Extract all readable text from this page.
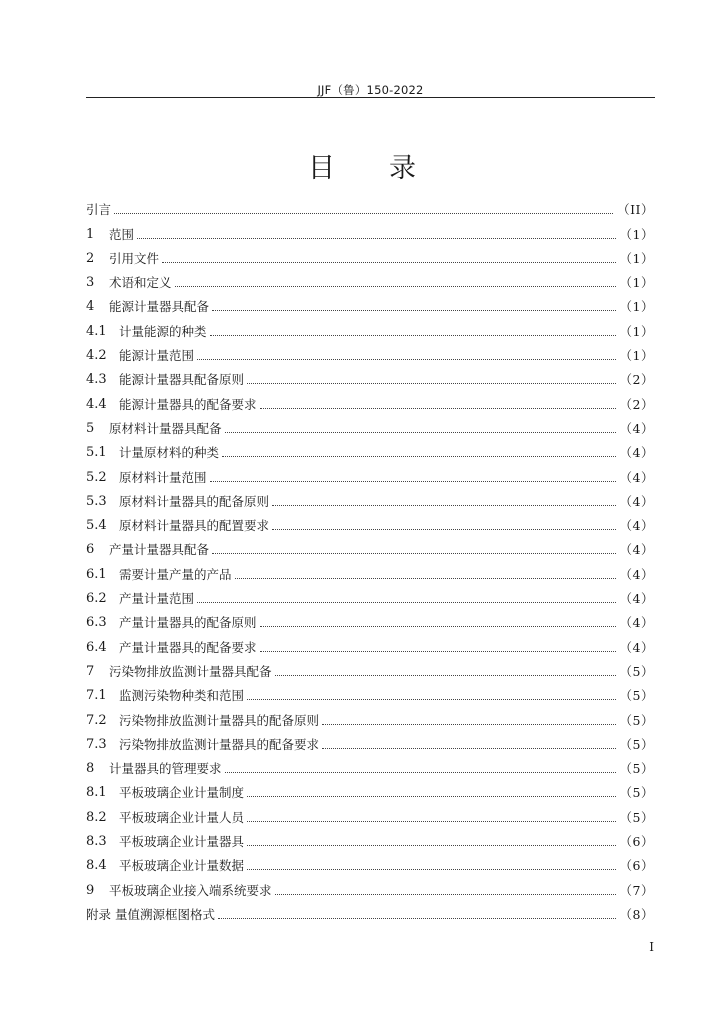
JJF（鲁）150-2022
目录
引言	（II）
1	范围	（1）
2	引用文件	（1）
3	术语和定义	（1）
4	能源计量器具配备	（1）
4.1 计量能源的种类	（1）
4.2 能源计量范围	（1）
4.3 能源计量器具配备原则	（2）
4.4 能源计量器具的配备要求	（2）
5	原材料计量器具配备	（4）
5.1 计量原材料的种类	（4）
5.2 原材料计量范围	（4）
5.3 原材料计量器具的配备原则	（4）
5.4 原材料计量器具的配置要求	（4）
6	产量计量器具配备	（4）
6.1 需要计量产量的产品	（4）
6.2 产量计量范围	（4）
6.3 产量计量器具的配备原则	（4）
6.4 产量计量器具的配备要求	（4）
7	污染物排放监测计量器具配备	（5）
7.1 监测污染物种类和范围	（5）
7.2 污染物排放监测计量器具的配备原则	（5）
7.3 污染物排放监测计量器具的配备要求	（5）
8	计量器具的管理要求	（5）
8.1 平板玻璃企业计量制度	（5）
8.2 平板玻璃企业计量人员	（5）
8.3 平板玻璃企业计量器具	（6）
8.4 平板玻璃企业计量数据	（6）
9	平板玻璃企业接入端系统要求	（7）
附录 量值溯源框图格式	（8）
I
